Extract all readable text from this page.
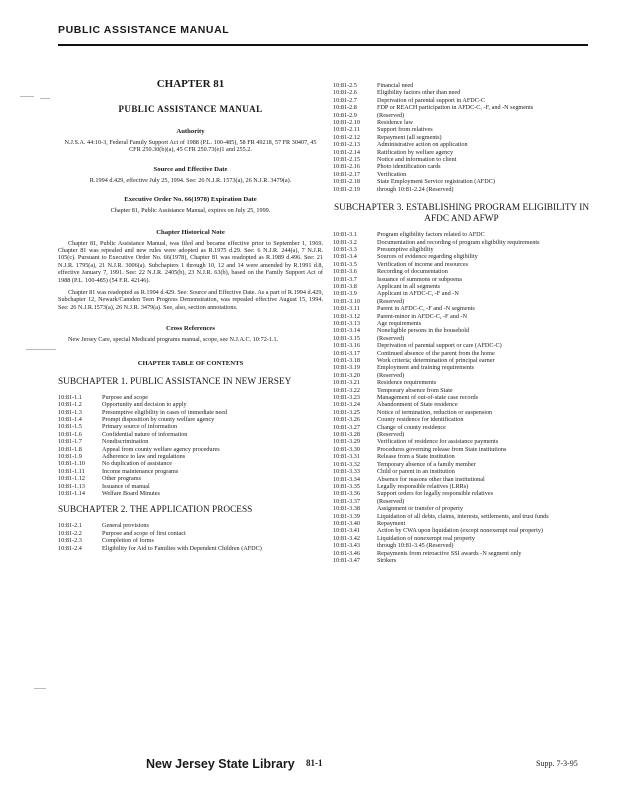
PUBLIC ASSISTANCE MANUAL
CHAPTER 81
PUBLIC ASSISTANCE MANUAL
Authority
N.J.S.A. 44:10-3, Federal Family Support Act of 1988 (P.L. 100-485), 58 FR 49218, 57 FR 30407, 45 CFR 250.30(b)(a), 45 CFR 250.73(e)1 and 255.2.
Source and Effective Date
R.1994 d.429, effective July 25, 1994. See: 26 N.J.R. 1573(a), 26 N.J.R. 3479(a).
Executive Order No. 66(1978) Expiration Date
Chapter 81, Public Assistance Manual, expires on July 25, 1999.
Chapter Historical Note

Chapter 81, Public Assistance Manual, was filed and became effective prior to September 1, 1969. Chapter 81 was repealed and new rules were adopted as R.1975 d.29. See: 6 N.J.R. 244(a), 7 N.J.R. 105(c). Pursuant to Executive Order No. 66(1978), Chapter 81 was readopted as R.1989 d.496. See: 21 N.J.R. 1795(a), 21 N.J.R. 3006(a). Subchapters 1 through 10, 12 and 14 were amended by R.1991 d.8, effective January 7, 1991. See: 22 N.J.R. 2405(b), 23 N.J.R. 63(b), based on the Family Support Act of 1988 (P.L. 100-485) (54 F.R. 42146).

Chapter 81 was readopted as R.1994 d.429. See: Source and Effective Date. As a part of R.1994 d.429, Subchapter 12, Newark/Camden Teen Progress Demonstration, was repealed effective August 15, 1994. See: 26 N.J.R.1573(a), 26 N.J.R. 3479(a). See, also, section annotations.

Cross References

New Jersey Care, special Medicaid programs manual, scope, see N.J.A.C. 10:72-1.1.

CHAPTER TABLE OF CONTENTS
SUBCHAPTER 1. PUBLIC ASSISTANCE IN NEW JERSEY
10:81-1.1	Purpose and scope
10:81-1.2	Opportunity and decision to apply
10:81-1.3	Presumptive eligibility in cases of immediate need
10:81-1.4	Prompt disposition by county welfare agency
10:81-1.5	Primary source of information
10:81-1.6	Confidential nature of information
10:81-1.7	Nondiscrimination
10:81-1.8	Appeal from county welfare agency procedures
10:81-1.9	Adherence to law and regulations
10:81-1.10	No duplication of assistance
10:81-1.11	Income maintenance programs
10:81-1.12	Other programs
10:81-1.13	Issuance of manual
10:81-1.14	Welfare Board Minutes
SUBCHAPTER 2. THE APPLICATION PROCESS
10:81-2.1	General provisions
10:81-2.2	Purpose and scope of first contact
10:81-2.3	Completion of forms
10:81-2.4	Eligibility for Aid to Families with Dependent Children (AFDC)
10:81-2.5	Financial need
10:81-2.6	Eligibility factors other than need
10:81-2.7	Deprivation of parental support in AFDC-C
10:81-2.8	FDP or REACH participation in AFDC-C, -F, and -N segments
10:81-2.9	(Reserved)
10:81-2.10	Residence law
10:81-2.11	Support from relatives
10:81-2.12	Repayment (all segments)
10:81-2.13	Administrative action on application
10:81-2.14	Ratification by welfare agency
10:81-2.15	Notice and information to client
10:81-2.16	Photo identification cards
10:81-2.17	Verification
10:81-2.18	State Employment Service registration (AFDC)
10:81-2.19	through 10:81-2.24 (Reserved)
SUBCHAPTER 3. ESTABLISHING PROGRAM ELIGIBILITY IN AFDC AND AFWP
10:81-3.1	Program eligibility factors related to AFDC
10:81-3.2	Documentation and recording of program eligibility requirements
10:81-3.3	Presumptive eligibility
10:81-3.4	Sources of evidence regarding eligibility
10:81-3.5	Verification of income and resources
10:81-3.6	Recording of documentation
10:81-3.7	Issuance of summons or subpoena
10:81-3.8	Applicant in all segments
10:81-3.9	Applicant in AFDC-C, -F and -N
10:81-3.10	(Reserved)
10:81-3.11	Parent in AFDC-C, -F and -N segments
10:81-3.12	Parent-minor in AFDC-C, -F and -N
10:81-3.13	Age requirements
10:81-3.14	Noneligible persons in the household
10:81-3.15	(Reserved)
10:81-3.16	Deprivation of parental support or care (AFDC-C)
10:81-3.17	Continued absence of the parent from the home
10:81-3.18	Work criteria; determination of principal earner
10:81-3.19	Employment and training requirements
10:81-3.20	(Reserved)
10:81-3.21	Residence requirements
10:81-3.22	Temporary absence from State
10:81-3.23	Management of out-of-state case records
10:81-3.24	Abandonment of State residence
10:81-3.25	Notice of termination, reduction or suspension
10:81-3.26	County residence for identification
10:81-3.27	Change of county residence
10:81-3.28	(Reserved)
10:81-3.29	Verification of residence for assistance payments
10:81-3.30	Procedures governing release from State institutions
10:81-3.31	Release from a State institution
10:81-3.32	Temporary absence of a family member
10:81-3.33	Child or parent in an institution
10:81-3.34	Absence for reasons other than institutional
10:81-3.35	Legally responsible relatives (LRRs)
10:81-3.36	Support orders for legally responsible relatives
10:81-3.37	(Reserved)
10:81-3.38	Assignment or transfer of property
10:81-3.39	Liquidation of all debts, claims, interests, settlements, and trust funds
10:81-3.40	Repayment
10:81-3.41	Action by CWA upon liquidation (except nonexempt real property)
10:81-3.42	Liquidation of nonexempt real property
10:81-3.43	through 10:81-3.45 (Reserved)
10:81-3.46	Repayments from retroactive SSI awards -N segment only
10:81-3.47	Strikers
New Jersey State Library 81-1	Supp. 7-3-95
